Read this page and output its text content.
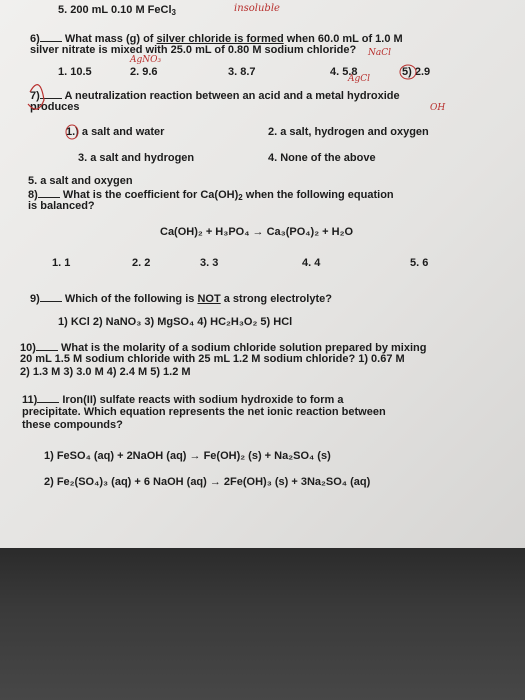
5. 200 mL 0.10 M FeCl$_3$	insoluble
AgNO₃
NaCl
AgCl
OH
6) What mass (g) of silver chloride is formed when 60.0 mL of 1.0 M
silver nitrate is mixed with 25.0 mL of 0.80 M sodium chloride?
1. 10.5	2. 9.6	3. 8.7	4. 5.8	5) 2.9
7) A neutralization reaction between an acid and a metal hydroxide
produces
1.) a salt and water	2. a salt, hydrogen and oxygen
3. a salt and hydrogen	4. None of the above
5. a salt and oxygen
8) What is the coefficient for $Ca(OH)_2$ when the following equation
is balanced?
Ca(OH)₂ + H₃PO₄ → Ca₃(PO₄)₂ + H₂O
1. 1	2. 2	3. 3	4. 4	5. 6
9) Which of the following is NOT a strong electrolyte?
1) KCl 2) NaNO₃ 3) MgSO₄ 4) HC₂H₃O₂ 5) HCl
10) What is the molarity of a sodium chloride solution prepared by mixing
20 mL 1.5 M sodium chloride with 25 mL 1.2 M sodium chloride? 1) 0.67 M
2) 1.3 M 3) 3.0 M 4) 2.4 M 5) 1.2 M
11) Iron(II) sulfate reacts with sodium hydroxide to form a
precipitate. Which equation represents the net ionic reaction between
these compounds?
1) FeSO₄ (aq) + 2NaOH (aq) → Fe(OH)₂ (s) + Na₂SO₄ (s)
2) Fe₂(SO₄)₃ (aq) + 6 NaOH (aq) → 2Fe(OH)₃ (s) + 3Na₂SO₄ (aq)
